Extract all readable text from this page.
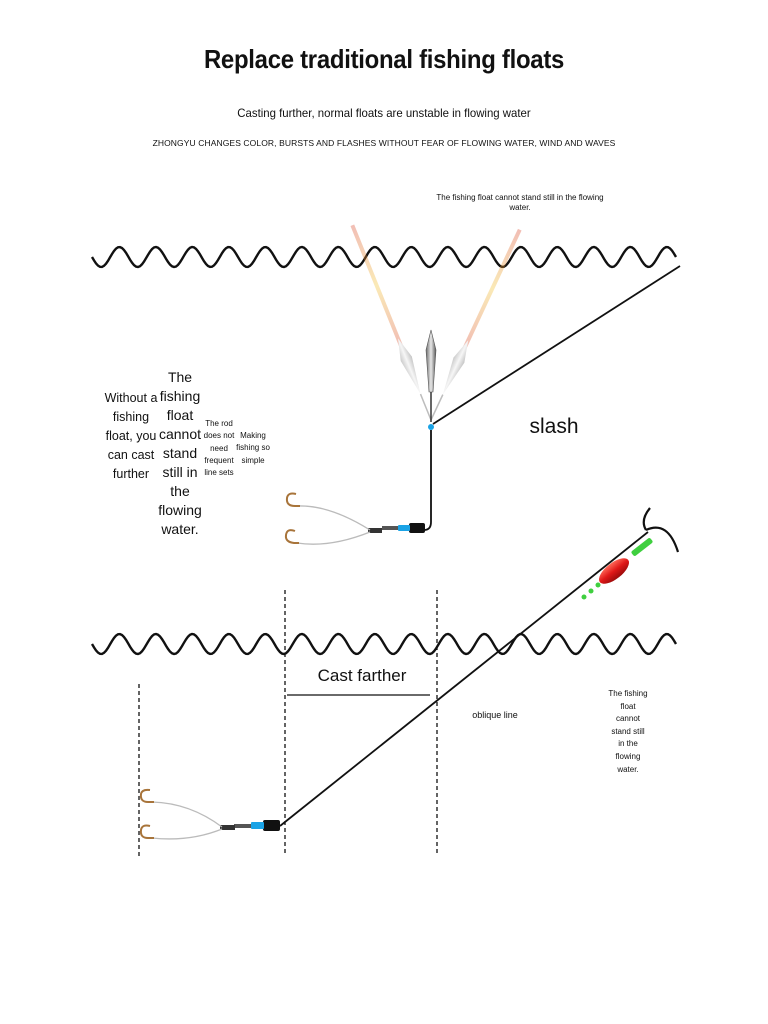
Replace traditional fishing floats
Casting further, normal floats are unstable in flowing water
ZHONGYU CHANGES COLOR, BURSTS AND FLASHES WITHOUT FEAR OF FLOWING WATER, WIND AND WAVES
The fishing float cannot stand still in the flowing water.
Without a fishing float, you can cast further
The fishing float cannot stand still in the flowing water.
The rod does not need frequent line sets
Making fishing so simple
slash
Cast farther
oblique line
The fishing float cannot stand still in the flowing water.
